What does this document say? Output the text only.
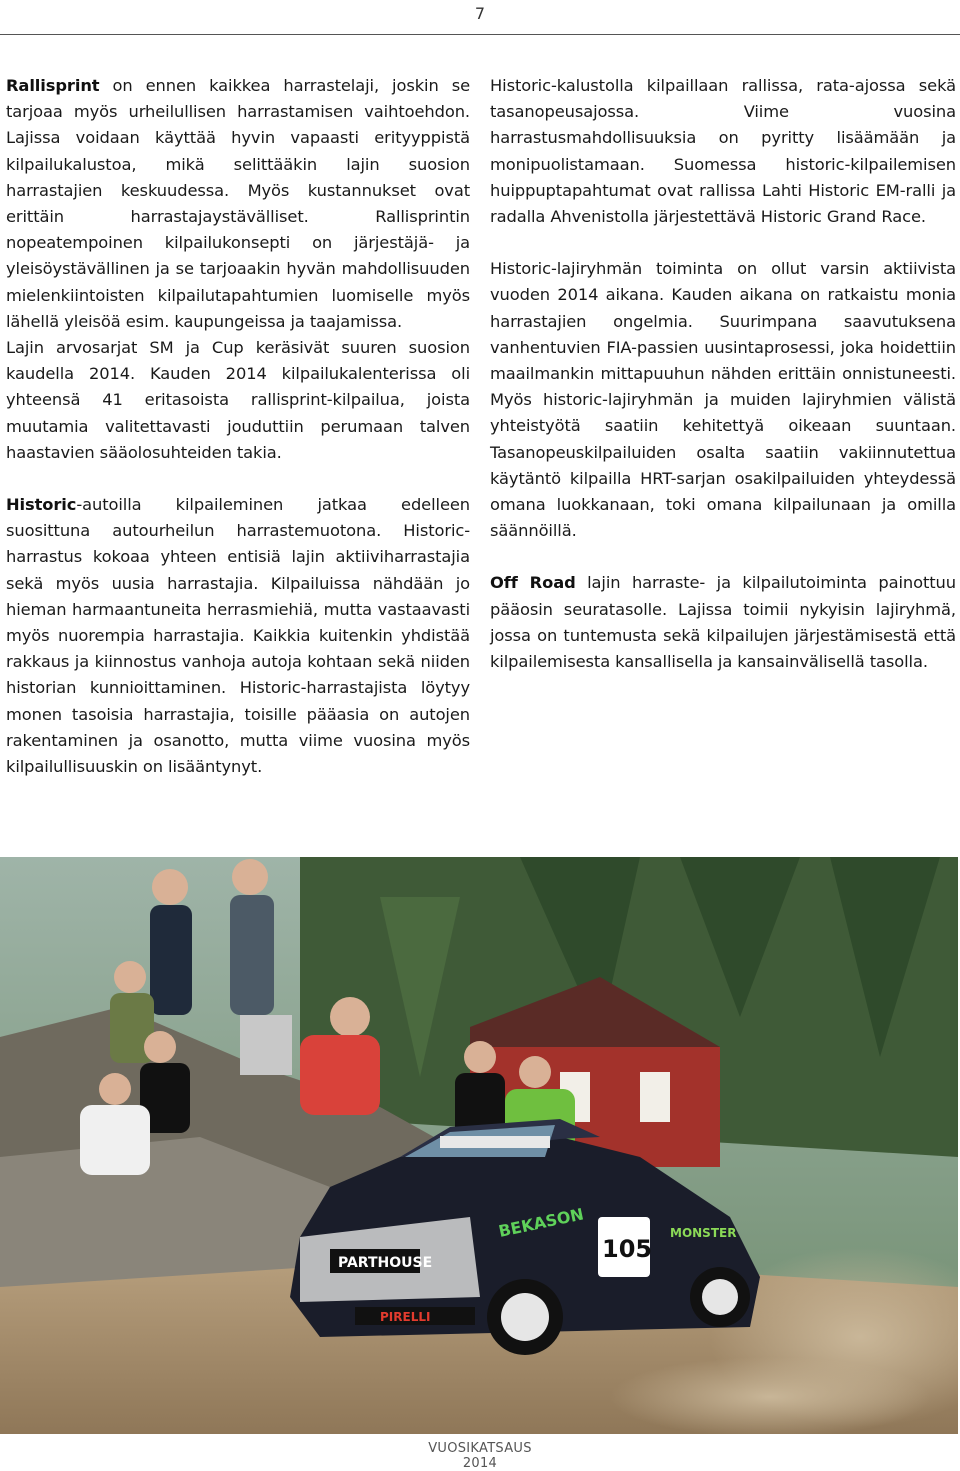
7

Rallisprint on ennen kaikkea harrastelaji, joskin se tarjoaa myös urheilullisen harrastamisen vaihtoehdon. Lajissa voidaan käyttää hyvin vapaasti erityyppistä kilpailukalustoa, mikä selittääkin lajin suosion harrastajien keskuudessa. Myös kustannukset ovat erittäin harrastajaystävälliset. Rallisprintin nopeatempoinen kilpailukonsepti on järjestäjä- ja yleisöystävällinen ja se tarjoaakin hyvän mahdollisuuden mielenkiintoisten kilpailutapahtumien luomiselle myös lähellä yleisöä esim. kaupungeissa ja taajamissa.

Lajin arvosarjat SM ja Cup keräsivät suuren suosion kaudella 2014. Kauden 2014 kilpailukalenterissa oli yhteensä 41 eritasoista rallisprint-kilpailua, joista muutamia valitettavasti jouduttiin perumaan talven haastavien sääolosuhteiden takia.

Historic-autoilla kilpaileminen jatkaa edelleen suosittuna autourheilun harrastemuotona. Historic-harrastus kokoaa yhteen entisiä lajin aktiiviharrastajia sekä myös uusia harrastajia. Kilpailuissa nähdään jo hieman harmaantuneita herrasmiehiä, mutta vastaavasti myös nuorempia harrastajia. Kaikkia kuitenkin yhdistää rakkaus ja kiinnostus vanhoja autoja kohtaan sekä niiden historian kunnioittaminen. Historic-harrastajista löytyy monen tasoisia harrastajia, toisille pääasia on autojen rakentaminen ja osanotto, mutta viime vuosina myös kilpailullisuuskin on lisääntynyt.

Historic-kalustolla kilpaillaan rallissa, rata-ajossa sekä tasanopeusajossa. Viime vuosina harrastusmahdollisuuksia on pyritty lisäämään ja monipuolistamaan. Suomessa historic-kilpailemisen huippuptapahtumat ovat rallissa Lahti Historic EM-ralli ja radalla Ahvenistolla järjestettävä Historic Grand Race.

Historic-lajiryhmän toiminta on ollut varsin aktiivista vuoden 2014 aikana. Kauden aikana on ratkaistu monia harrastajien ongelmia. Suurimpana saavutuksena vanhentuvien FIA-passien uusintaprosessi, joka hoidettiin maailmankin mittapuuhun nähden erittäin onnistuneesti. Myös historic-lajiryhmän ja muiden lajiryhmien välistä yhteistyötä saatiin kehitettyä oikeaan suuntaan. Tasanopeuskilpailuiden osalta saatiin vakiinnutettua käytäntö kilpailla HRT-sarjan osakilpailuiden yhteydessä omana luokkanaan, toki omana kilpailunaan ja omilla säännöillä.

Off Road lajin harraste- ja kilpailutoiminta painottuu pääosin seuratasolle. Lajissa toimii nykyisin lajiryhmä, jossa on tuntemusta sekä kilpailujen järjestämisestä että kilpailemisesta kansallisella ja kansainvälisellä tasolla.

PARTHOUSE
PIRELLI
BEKASON
105
MONSTER
VUOSIKATSAUS 2014
